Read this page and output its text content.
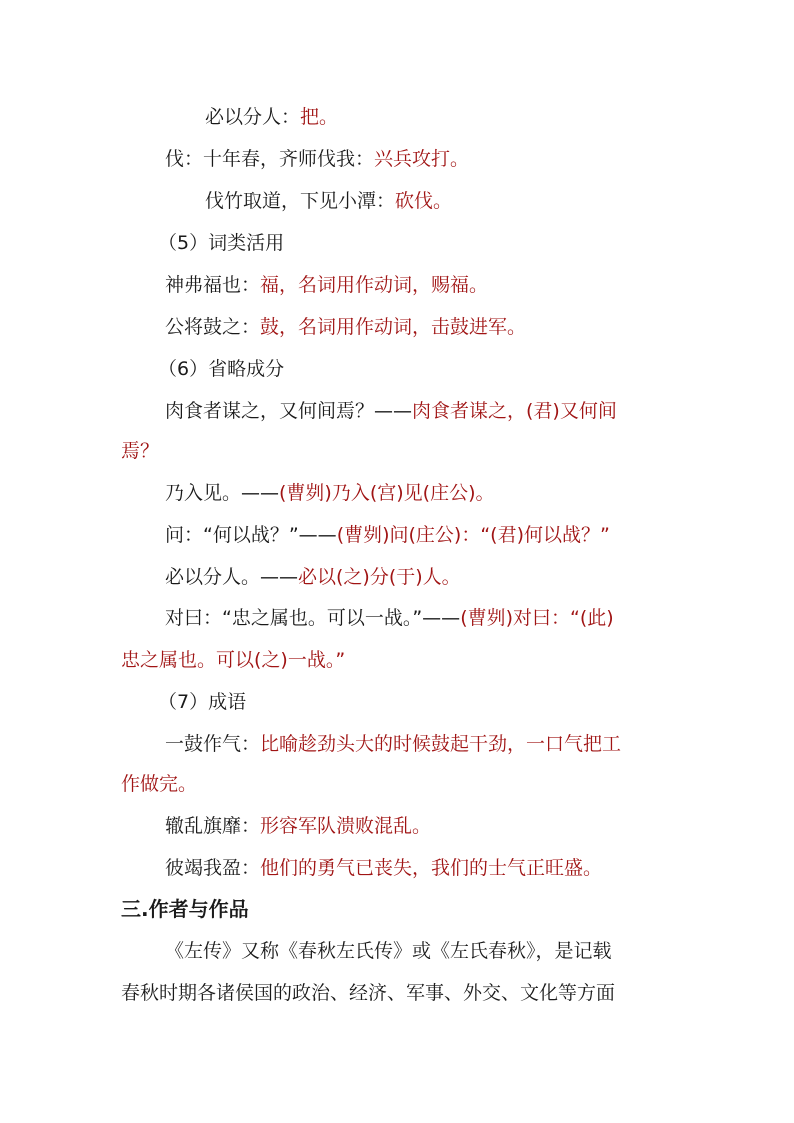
必以分人：把。
伐：十年春，齐师伐我：兴兵攻打。
伐竹取道，下见小潭：砍伐。
（5）词类活用
神弗福也：福，名词用作动词，赐福。
公将鼓之：鼓，名词用作动词，击鼓进军。
（6）省略成分
肉食者谋之，又何间焉？——肉食者谋之，(君)又何间
焉？
乃入见。——(曹刿)乃入(宫)见(庄公)。
问：“何以战？”——(曹刿)问(庄公)：“(君)何以战？”
必以分人。——必以(之)分(于)人。
对曰：“忠之属也。可以一战。”——(曹刿)对曰：“(此)
忠之属也。可以(之)一战。”
（7）成语
一鼓作气：比喻趁劲头大的时候鼓起干劲，一口气把工
作做完。
辙乱旗靡：形容军队溃败混乱。
彼竭我盈：他们的勇气已丧失，我们的士气正旺盛。
三.作者与作品
《左传》又称《春秋左氏传》或《左氏春秋》，是记载
春秋时期各诸侯国的政治、经济、军事、外交、文化等方面
